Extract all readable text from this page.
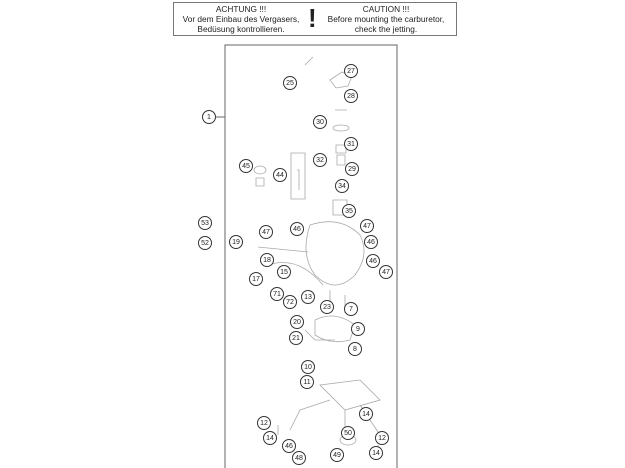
ACHTUNG !!!
Vor dem Einbau des Vergasers,
Bedüsung kontrollieren. !	CAUTION !!!
Before mounting the carburetor,
check the jetting.
1
25
27
28
30
31
32
29
34
45
44
35
53
52	19
47	46	47
46
18	46
47
15
17
71
72
13
23	7
20
21
9
8
10
11
14
12
14
50
12
46
14
48	49
